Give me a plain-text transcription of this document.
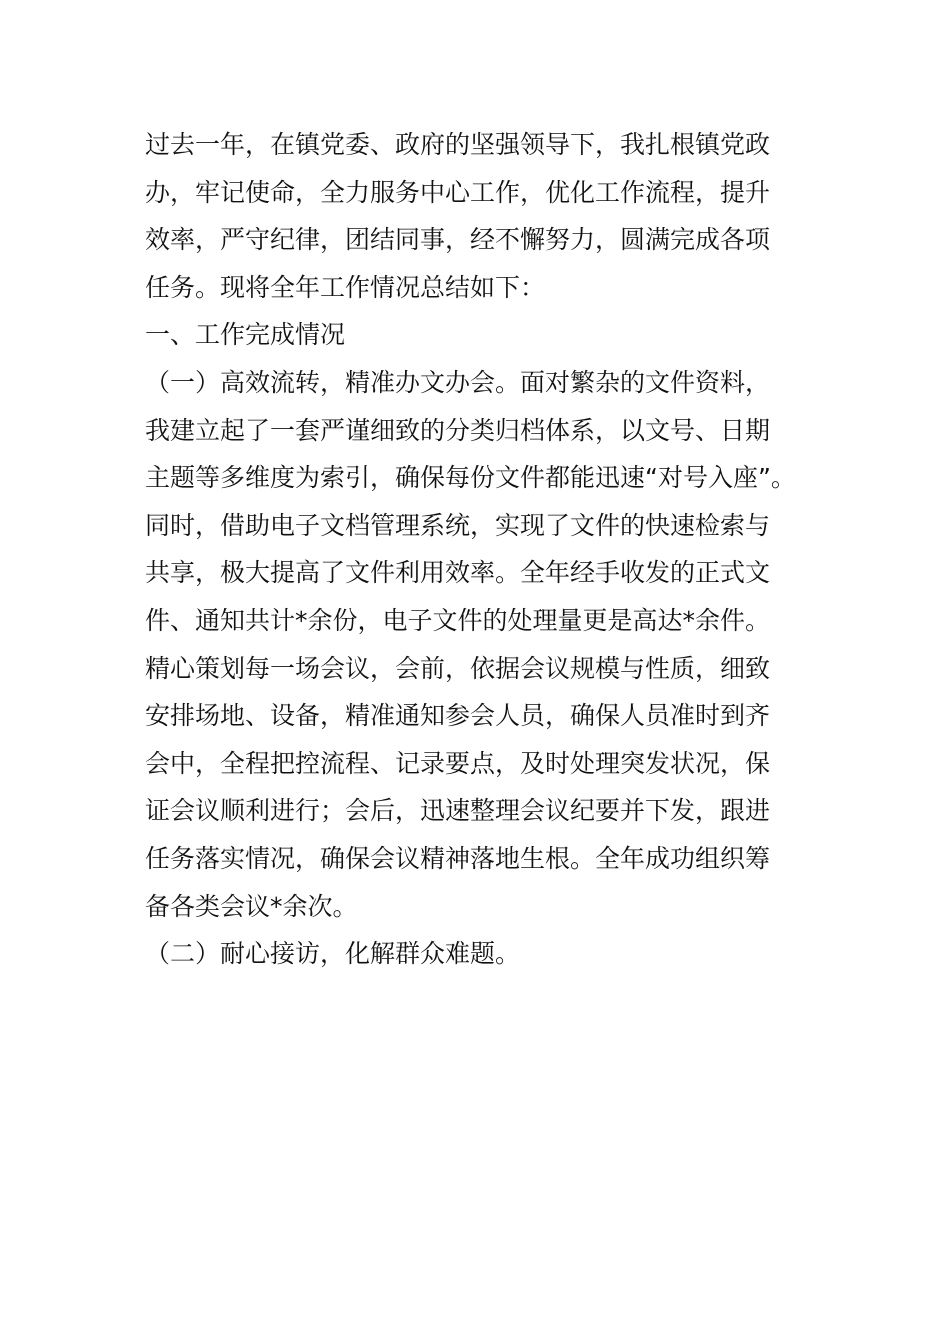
过去一年，在镇党委、政府的坚强领导下，我扎根镇党政
办，牢记使命，全力服务中心工作，优化工作流程，提升
效率，严守纪律，团结同事，经不懈努力，圆满完成各项
任务。现将全年工作情况总结如下：
一、工作完成情况
（一）高效流转，精准办文办会。面对繁杂的文件资料，
我建立起了一套严谨细致的分类归档体系，以文号、日期
主题等多维度为索引，确保每份文件都能迅速“对号入座”。
同时，借助电子文档管理系统，实现了文件的快速检索与
共享，极大提高了文件利用效率。全年经手收发的正式文
件、通知共计*余份，电子文件的处理量更是高达*余件。
精心策划每一场会议，会前，依据会议规模与性质，细致
安排场地、设备，精准通知参会人员，确保人员准时到齐
会中，全程把控流程、记录要点，及时处理突发状况，保
证会议顺利进行；会后，迅速整理会议纪要并下发，跟进
任务落实情况，确保会议精神落地生根。全年成功组织筹
备各类会议*余次。
（二）耐心接访，化解群众难题。
